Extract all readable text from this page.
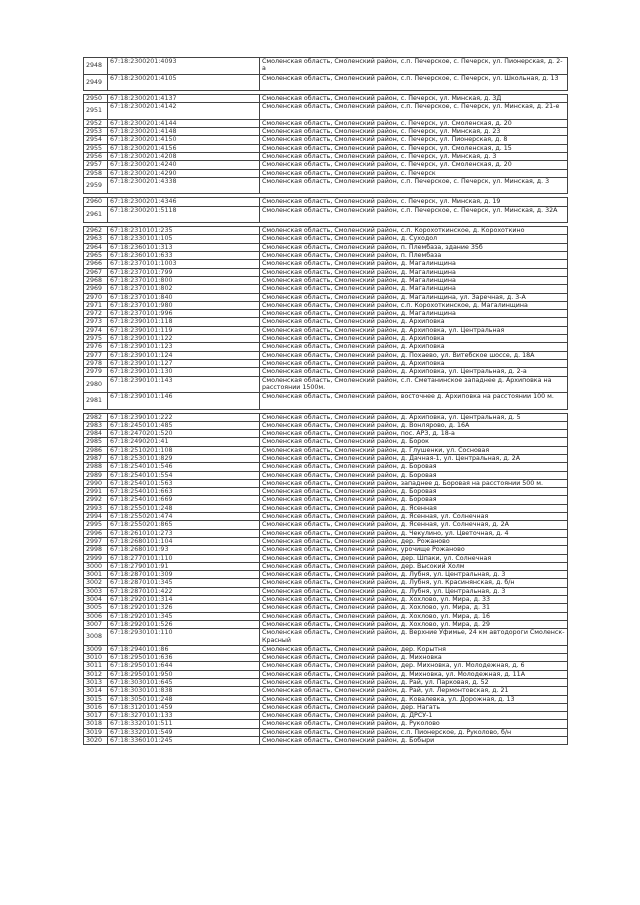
2948	67:18:2300201:4093	Смоленская область, Смоленский район, с.п. Печерское, с. Печерск, ул. Пионерская, д. 2-а
2949	67:18:2300201:4105	Смоленская область, Смоленский район, с.п. Печерское, с. Печерск, ул. Школьная, д. 13

2950	67:18:2300201:4137	Смоленская область, Смоленский район, с. Печерск, ул. Минская, д. 3Д
2951	67:18:2300201:4142	Смоленская область, Смоленский район, с.п. Печерское, с. Печерск, ул. Минская, д. 21-е
2952	67:18:2300201:4144	Смоленская область, Смоленский район, с. Печерск, ул. Смоленская, д. 20
2953	67:18:2300201:4148	Смоленская область, Смоленский район, с. Печерск, ул. Минская, д. 23
2954	67:18:2300201:4150	Смоленская область, Смоленский район, с. Печерск, ул. Пионерская, д. 8
2955	67:18:2300201:4156	Смоленская область, Смоленский район, с. Печерск, ул. Смоленская, д. 15
2956	67:18:2300201:4208	Смоленская область, Смоленский район, с. Печерск, ул. Минская, д. 3
2957	67:18:2300201:4240	Смоленская область, Смоленский район, с. Печерск, ул. Смоленская, д. 20
2958	67:18:2300201:4290	Смоленская область, Смоленский район, с. Печерск
2959	67:18:2300201:4338	Смоленская область, Смоленский район, с.п. Печерское, с. Печерск, ул. Минская, д. 3

2960	67:18:2300201:4346	Смоленская область, Смоленский район, с. Печерск, ул. Минская, д. 19
2961	67:18:2300201:5118	Смоленская область, Смоленский район, с.п. Печерское, с. Печерск, ул. Минская, д. 32А

2962	67:18:2310101:235	Смоленская область, Смоленский район, с.п. Корохоткинское, д. Корохоткино
2963	67:18:2330101:105	Смоленская область, Смоленский район, д. Суходол
2964	67:18:2360101:313	Смоленская область, Смоленский район, п. Плембаза, здание 35б
2965	67:18:2360101:633	Смоленская область, Смоленский район, п. Плембаза
2966	67:18:2370101:1003	Смоленская область, Смоленский район, д. Магалинщина
2967	67:18:2370101:799	Смоленская область, Смоленский район, д. Магалинщина
2968	67:18:2370101:800	Смоленская область, Смоленский район, д. Магалинщина
2969	67:18:2370101:802	Смоленская область, Смоленский район, д. Магалинщина
2970	67:18:2370101:840	Смоленская область, Смоленский район, д. Магалинщина, ул. Заречная, д. 3-А
2971	67:18:2370101:980	Смоленская область, Смоленский район, с.п. Корохоткинское, д. Магалинщина
2972	67:18:2370101:996	Смоленская область, Смоленский район, д. Магалинщина
2973	67:18:2390101:118	Смоленская область, Смоленский район, д. Архиповка
2974	67:18:2390101:119	Смоленская область, Смоленский район, д. Архиповка, ул. Центральная
2975	67:18:2390101:122	Смоленская область, Смоленский район, д. Архиповка
2976	67:18:2390101:123	Смоленская область, Смоленский район, д. Архиповка
2977	67:18:2390101:124	Смоленская область, Смоленский район, д. Похаево, ул. Витебское шоссе, д. 18А
2978	67:18:2390101:127	Смоленская область, Смоленский район, д. Архиповка
2979	67:18:2390101:130	Смоленская область, Смоленский район, д. Архиповка, ул. Центральная, д. 2-а
2980	67:18:2390101:143	Смоленская область, Смоленский район, с.п. Сметанинское западнее д. Архиповка на расстоянии 1500м.
2981	67:18:2390101:146	Смоленская область, Смоленский район, восточнее д. Архиповка на расстоянии 100 м.

2982	67:18:2390101:222	Смоленская область, Смоленский район, д. Архиповка, ул. Центральная, д. 5
2983	67:18:2450101:485	Смоленская область, Смоленский район, д. Вонлярово, д. 16А
2984	67:18:2470201:520	Смоленская область, Смоленский район, пос. АРЗ, д. 18-а
2985	67:18:2490201:41	Смоленская область, Смоленский район, д. Борок
2986	67:18:2510201:108	Смоленская область, Смоленский район, д. Глушенки, ул. Сосновая
2987	67:18:2530101:829	Смоленская область, Смоленский район, д. Дачная-1, ул. Центральная, д. 2А
2988	67:18:2540101:546	Смоленская область, Смоленский район, д. Боровая
2989	67:18:2540101:554	Смоленская область, Смоленский район, д. Боровая
2990	67:18:2540101:563	Смоленская область, Смоленский район, западнее д. Боровая на расстоянии 500 м.
2991	67:18:2540101:663	Смоленская область, Смоленский район, д. Боровая
2992	67:18:2540101:669	Смоленская область, Смоленский район, д. Боровая
2993	67:18:2550101:248	Смоленская область, Смоленский район, д. Ясенная
2994	67:18:2550201:474	Смоленская область, Смоленский район, д. Ясенная, ул. Солнечная
2995	67:18:2550201:865	Смоленская область, Смоленский район, д. Ясенная, ул. Солнечная, д. 2А
2996	67:18:2610101:273	Смоленская область, Смоленский район, д. Чекулино, ул. Цветочная, д. 4
2997	67:18:2680101:104	Смоленская область, Смоленский район, дер. Рожаново
2998	67:18:2680101:93	Смоленская область, Смоленский район, урочище Рожаново
2999	67:18:2770101:110	Смоленская область, Смоленский район, дер. Шпаки, ул. Солнечная
3000	67:18:2790101:91	Смоленская область, Смоленский район, дер. Высокий Холм
3001	67:18:2870101:309	Смоленская область, Смоленский район, д. Лубня, ул. Центральная, д. 3
3002	67:18:2870101:345	Смоленская область, Смоленский район, д. Лубня, ул. Красинянская, д. б/н
3003	67:18:2870101:422	Смоленская область, Смоленский район, д. Лубня, ул. Центральная, д. 3
3004	67:18:2920101:314	Смоленская область, Смоленский район, д. Хохлово, ул. Мира, д. 33
3005	67:18:2920101:326	Смоленская область, Смоленский район, д. Хохлово, ул. Мира, д. 31
3006	67:18:2920101:345	Смоленская область, Смоленский район, д. Хохлово, ул. Мира, д. 16
3007	67:18:2920101:526	Смоленская область, Смоленский район, д. Хохлово, ул. Мира, д. 29
3008	67:18:2930101:110	Смоленская область, Смоленский район, д. Верхние Уфимье, 24 км автодороги Смоленск-Красный
3009	67:18:2940101:86	Смоленская область, Смоленский район, дер. Корытня
3010	67:18:2950101:636	Смоленская область, Смоленский район, д. Михновка
3011	67:18:2950101:644	Смоленская область, Смоленский район, дер. Михновка, ул. Молодежная, д. 6
3012	67:18:2950101:950	Смоленская область, Смоленский район, д. Михновка, ул. Молодежная, д. 11А
3013	67:18:3030101:645	Смоленская область, Смоленский район, д. Рай, ул. Парковая, д. 52
3014	67:18:3030101:838	Смоленская область, Смоленский район, д. Рай, ул. Лермонтовская, д. 21
3015	67:18:3050101:248	Смоленская область, Смоленский район, д. Ковалевка, ул. Дорожная, д. 13
3016	67:18:3120101:459	Смоленская область, Смоленский район, дер. Нагать
3017	67:18:3270101:133	Смоленская область, Смоленский район, д. ДРСУ-1
3018	67:18:3320101:511	Смоленская область, Смоленский район, д. Руколово
3019	67:18:3320101:549	Смоленская область, Смоленский район, с.п. Пионерское, д. Руколово, б/н
3020	67:18:3360101:245	Смоленская область, Смоленский район, д. Бобыри
